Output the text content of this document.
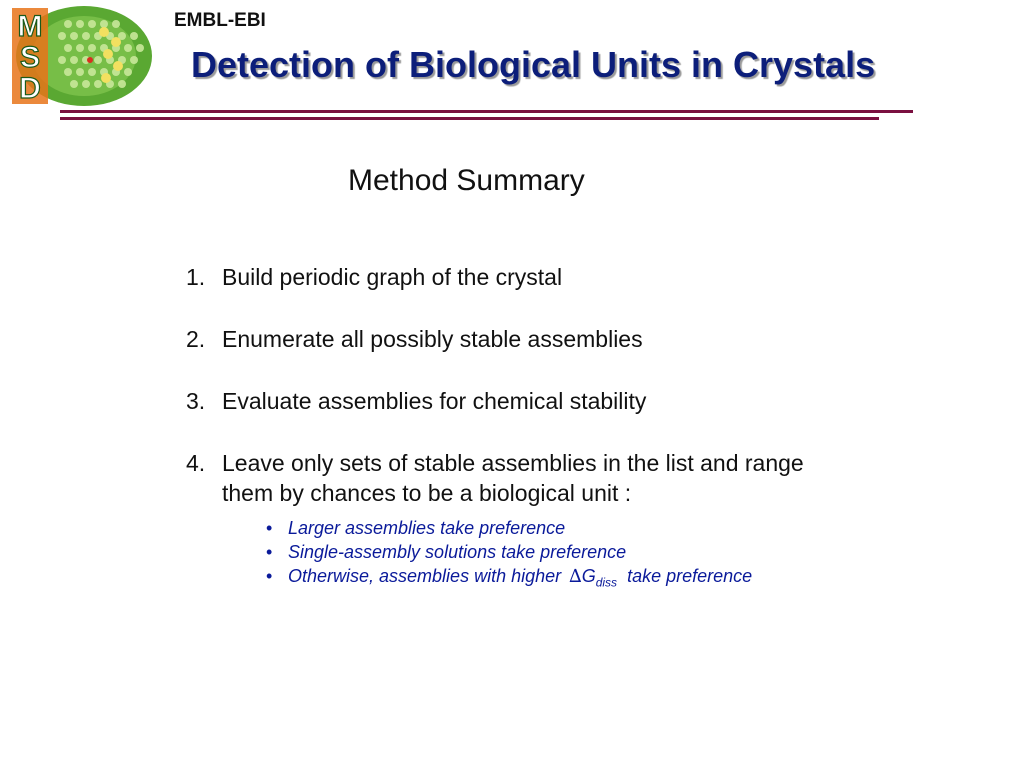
M
S
D
EMBL-EBI
Detection of Biological Units in Crystals
Method Summary
1. Build periodic graph of the crystal
2. Enumerate all possibly stable assemblies
3. Evaluate assemblies for chemical stability
4. Leave only sets of stable assemblies in the list and range them by chances to be a biological unit :
• Larger assemblies take preference
• Single-assembly solutions take preference
• Otherwise, assemblies with higher $\Delta G_{diss}$ take preference
